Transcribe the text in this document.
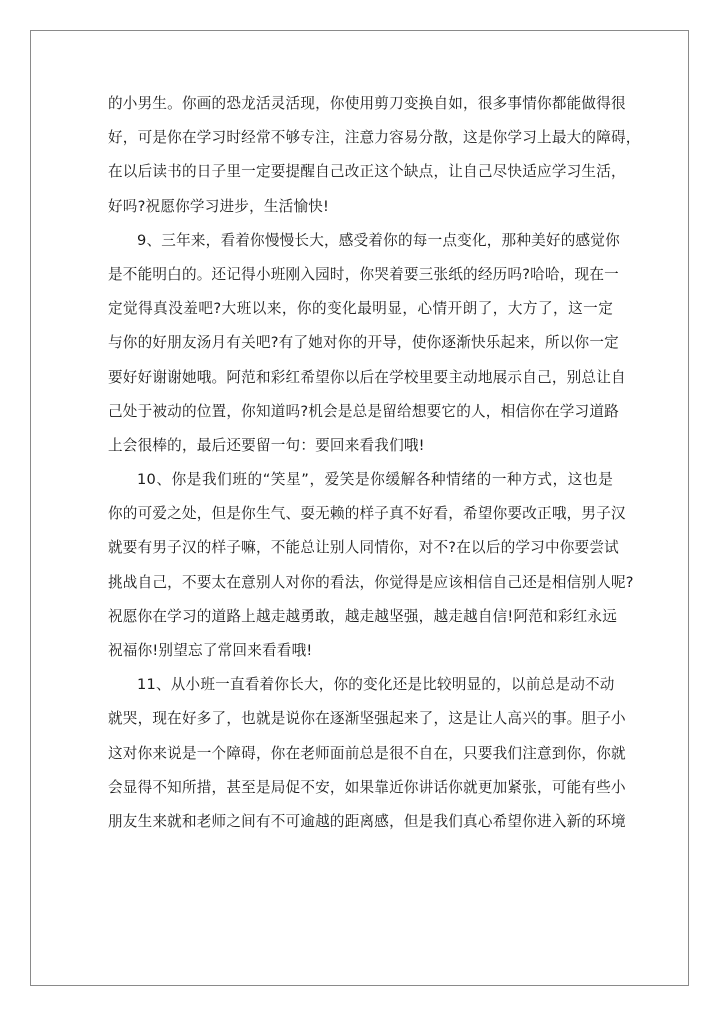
的小男生。你画的恐龙活灵活现，你使用剪刀变换自如，很多事情你都能做得很
好，可是你在学习时经常不够专注，注意力容易分散，这是你学习上最大的障碍，
在以后读书的日子里一定要提醒自己改正这个缺点，让自己尽快适应学习生活，
好吗?祝愿你学习进步，生活愉快!
9、三年来，看着你慢慢长大，感受着你的每一点变化，那种美好的感觉你
是不能明白的。还记得小班刚入园时，你哭着要三张纸的经历吗?哈哈，现在一
定觉得真没羞吧?大班以来，你的变化最明显，心情开朗了，大方了，这一定
与你的好朋友汤月有关吧?有了她对你的开导，使你逐渐快乐起来，所以你一定
要好好谢谢她哦。阿范和彩红希望你以后在学校里要主动地展示自己，别总让自
己处于被动的位置，你知道吗?机会是总是留给想要它的人，相信你在学习道路
上会很棒的，最后还要留一句：要回来看我们哦!
10、你是我们班的“笑星”，爱笑是你缓解各种情绪的一种方式，这也是
你的可爱之处，但是你生气、耍无赖的样子真不好看，希望你要改正哦，男子汉
就要有男子汉的样子嘛，不能总让别人同情你，对不?在以后的学习中你要尝试
挑战自己，不要太在意别人对你的看法，你觉得是应该相信自己还是相信别人呢?
祝愿你在学习的道路上越走越勇敢，越走越坚强，越走越自信!阿范和彩红永远
祝福你!别望忘了常回来看看哦!
11、从小班一直看着你长大，你的变化还是比较明显的，以前总是动不动
就哭，现在好多了，也就是说你在逐渐坚强起来了，这是让人高兴的事。胆子小
这对你来说是一个障碍，你在老师面前总是很不自在，只要我们注意到你，你就
会显得不知所措，甚至是局促不安，如果靠近你讲话你就更加紧张，可能有些小
朋友生来就和老师之间有不可逾越的距离感，但是我们真心希望你进入新的环境
